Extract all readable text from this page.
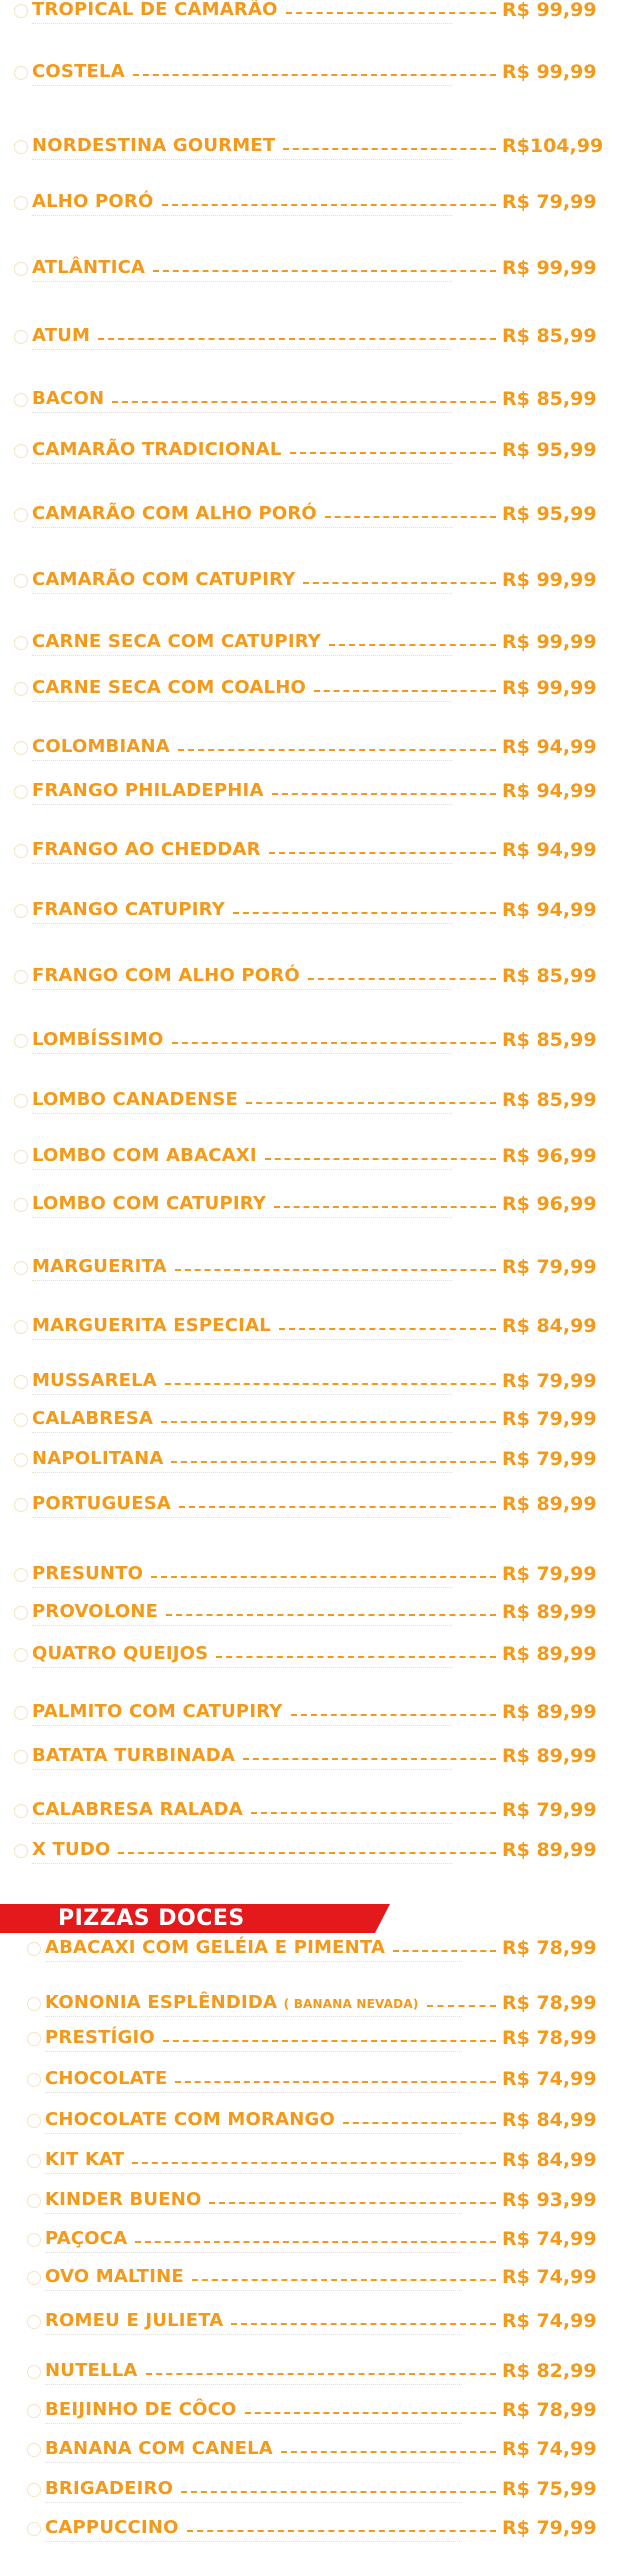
TROPICAL DE CAMARÃO	R$ 99,99
COSTELA	R$ 99,99
NORDESTINA GOURMET	R$104,99
ALHO PORÓ	R$ 79,99
ATLÂNTICA	R$ 99,99
ATUM	R$ 85,99
BACON	R$ 85,99
CAMARÃO TRADICIONAL	R$ 95,99
CAMARÃO COM ALHO PORÓ	R$ 95,99
CAMARÃO COM CATUPIRY	R$ 99,99
CARNE SECA COM CATUPIRY	R$ 99,99
CARNE SECA COM COALHO	R$ 99,99
COLOMBIANA	R$ 94,99
FRANGO PHILADEPHIA	R$ 94,99
FRANGO AO CHEDDAR	R$ 94,99
FRANGO CATUPIRY	R$ 94,99
FRANGO COM ALHO PORÓ	R$ 85,99
LOMBÍSSIMO	R$ 85,99
LOMBO CANADENSE	R$ 85,99
LOMBO COM ABACAXI	R$ 96,99
LOMBO COM CATUPIRY	R$ 96,99
MARGUERITA	R$ 79,99
MARGUERITA ESPECIAL	R$ 84,99
MUSSARELA	R$ 79,99
CALABRESA	R$ 79,99
NAPOLITANA	R$ 79,99
PORTUGUESA	R$ 89,99
PRESUNTO	R$ 79,99
PROVOLONE	R$ 89,99
QUATRO QUEIJOS	R$ 89,99
PALMITO COM CATUPIRY	R$ 89,99
BATATA TURBINADA	R$ 89,99
CALABRESA RALADA	R$ 79,99
X TUDO	R$ 89,99
PIZZAS DOCES
ABACAXI COM GELÉIA E PIMENTA	R$ 78,99
KONONIA ESPLÊNDIDA ( BANANA NEVADA)	R$ 78,99
PRESTÍGIO	R$ 78,99
CHOCOLATE	R$ 74,99
CHOCOLATE COM MORANGO	R$ 84,99
KIT KAT	R$ 84,99
KINDER BUENO	R$ 93,99
PAÇOCA	R$ 74,99
OVO MALTINE	R$ 74,99
ROMEU E JULIETA	R$ 74,99
NUTELLA	R$ 82,99
BEIJINHO DE CÔCO	R$ 78,99
BANANA COM CANELA	R$ 74,99
BRIGADEIRO	R$ 75,99
CAPPUCCINO	R$ 79,99
